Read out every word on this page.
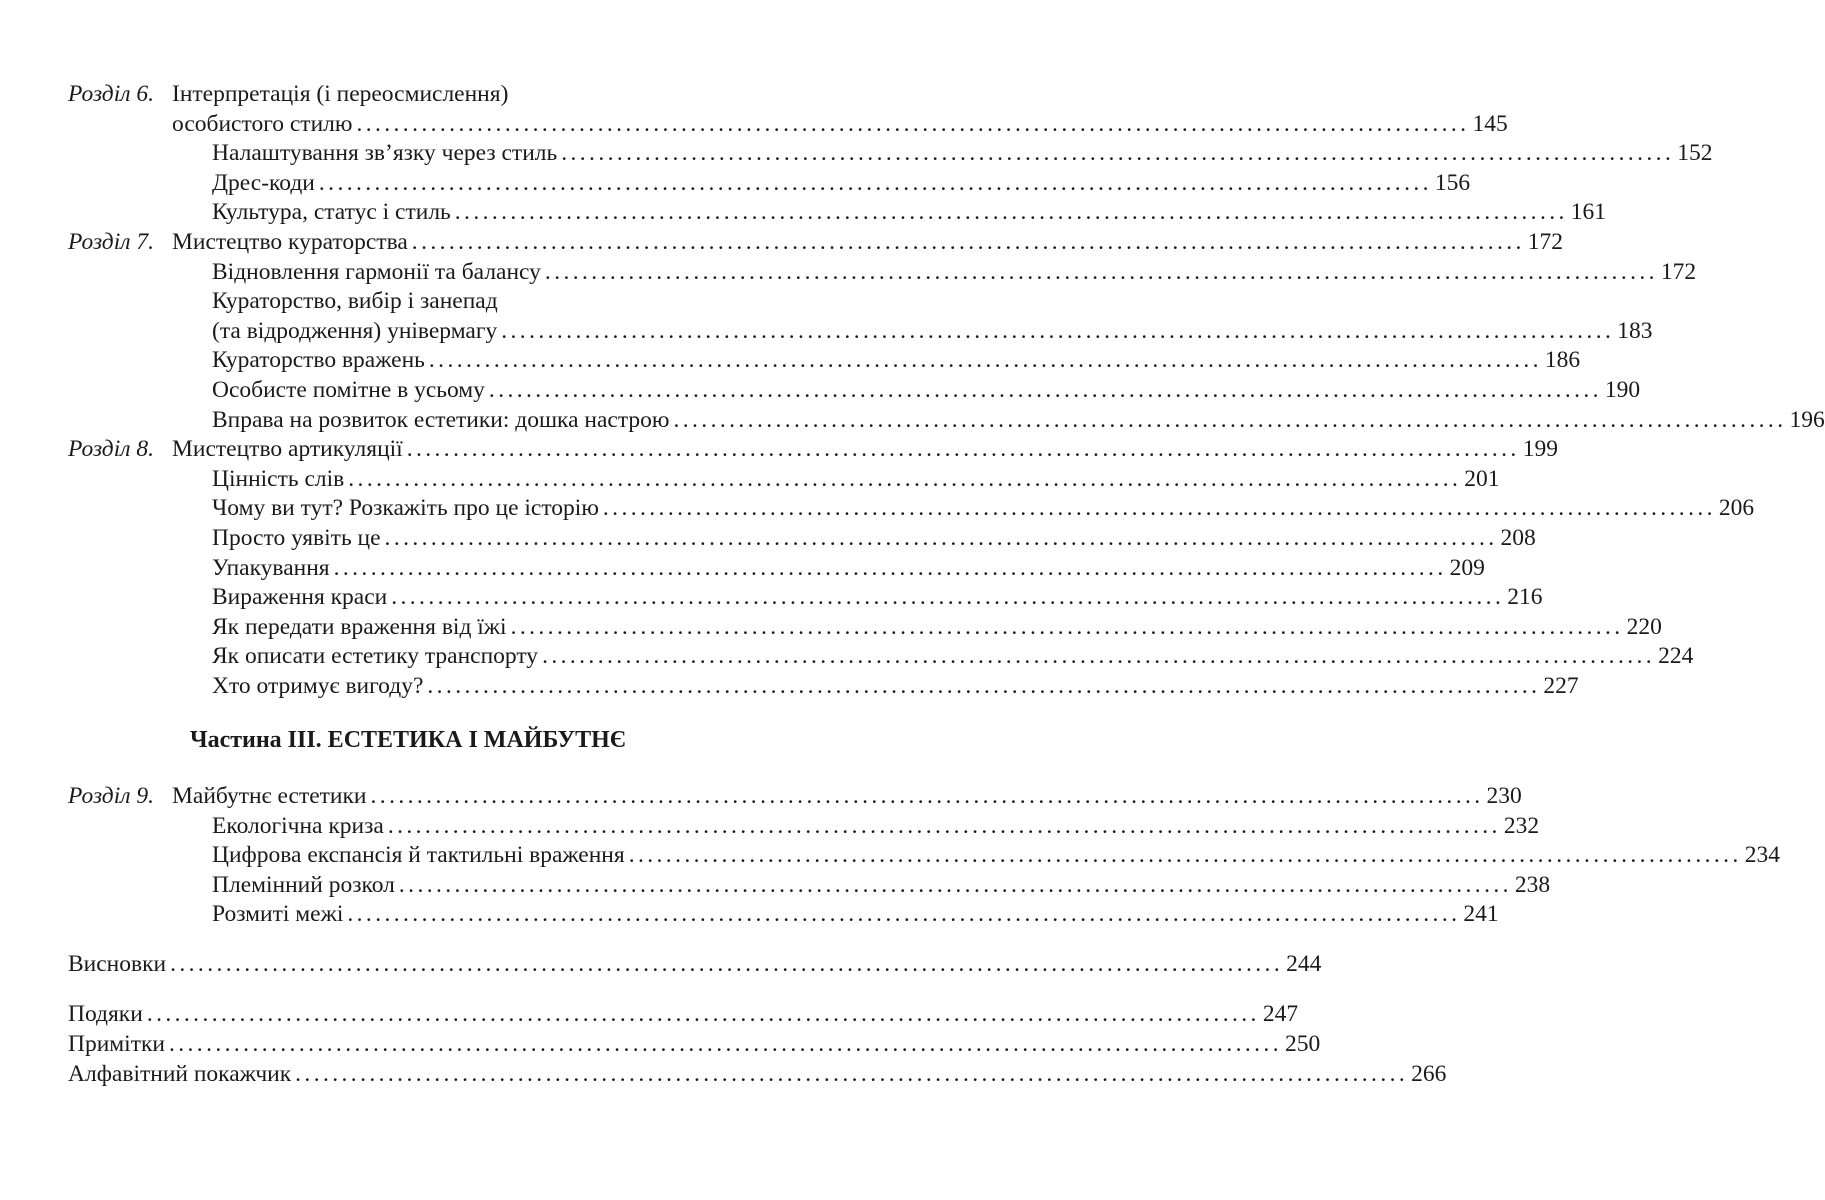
Розділ 6. Інтерпретація (і переосмислення)
особистого стилю ........................................................................................................................ 145
Налаштування зв’язку через стиль ........................................................................................................................ 152
Дрес-коди ........................................................................................................................ 156
Культура, статус і стиль ........................................................................................................................ 161
Розділ 7. Мистецтво кураторства ........................................................................................................................ 172
Відновлення гармонії та балансу ........................................................................................................................ 172
Кураторство, вибір і занепад
(та відродження) універмагу ........................................................................................................................ 183
Кураторство вражень ........................................................................................................................ 186
Особисте помітне в усьому ........................................................................................................................ 190
Вправа на розвиток естетики: дошка настрою ........................................................................................................................ 196
Розділ 8. Мистецтво артикуляції ........................................................................................................................ 199
Цінність слів ........................................................................................................................ 201
Чому ви тут? Розкажіть про це історію ........................................................................................................................ 206
Просто уявіть це ........................................................................................................................ 208
Упакування ........................................................................................................................ 209
Вираження краси ........................................................................................................................ 216
Як передати враження від їжі ........................................................................................................................ 220
Як описати естетику транспорту ........................................................................................................................ 224
Хто отримує вигоду? ........................................................................................................................ 227
Частина III. ЕСТЕТИКА І МАЙБУТНЄ
Розділ 9. Майбутнє естетики ........................................................................................................................ 230
Екологічна криза ........................................................................................................................ 232
Цифрова експансія й тактильні враження ........................................................................................................................ 234
Племінний розкол ........................................................................................................................ 238
Розмиті межі ........................................................................................................................ 241
Висновки ........................................................................................................................ 244
Подяки ........................................................................................................................ 247
Примітки ........................................................................................................................ 250
Алфавітний покажчик ........................................................................................................................ 266
